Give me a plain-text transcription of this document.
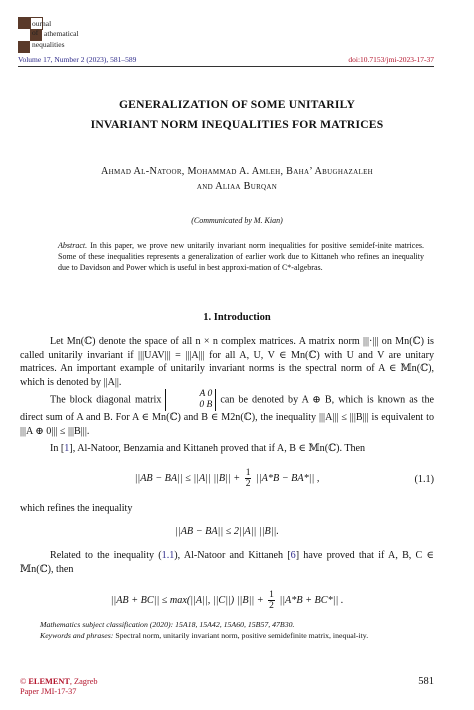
ournal of athematical
nequalities
Volume 17, Number 2 (2023), 581–589	doi:10.7153/jmi-2023-17-37
GENERALIZATION OF SOME UNITARILY
INVARIANT NORM INEQUALITIES FOR MATRICES
Ahmad Al-Natoor, Mohammad A. Amleh, Baha’ Abughazaleh
and Aliaa Burqan
(Communicated by M. Kian)
Abstract. In this paper, we prove new unitarily invariant norm inequalities for positive semidef-inite matrices. Some of these inequalities represents a generalization of earlier work due to Kittaneh who refines an inequality due to Davidson and Power which is useful in best approxi-mation of C*-algebras.
1. Introduction
Let Mn(ℂ) denote the space of all n × n complex matrices. A matrix norm |||·||| on Mn(ℂ) is called unitarily invariant if |||UAV||| = |||A||| for all A, U, V ∈ Mn(ℂ) with U and V are unitary matrices. An important example of unitarily invariant norms is the spectral norm of A ∈ 𝕄n(ℂ), which is denoted by ||A||.
The block diagonal matrix
A 0
0 B can be denoted by A ⊕ B, which is known as the direct sum of A and B. For A ∈ Mn(ℂ) and B ∈ M2n(ℂ), the inequality |||A||| ≤ |||B||| is equivalent to |||A ⊕ 0||| ≤ |||B|||.
In [1], Al-Natoor, Benzamia and Kittaneh proved that if A, B ∈ 𝕄n(ℂ). Then
||AB − BA|| ≤ ||A|| $||B|| + \frac{1}{2} ||A*B - BA*||$ ,	(1.1)
which refines the inequality
||AB − BA|| ≤ 2||A|| ||B||.
Related to the inequality (1.1), Al-Natoor and Kittaneh [6] have proved that if A, B, C ∈ 𝕄n(ℂ), then
||AB + BC|| ≤ max(||A||, ||C||) $||B|| + \frac{1}{2} ||A*B + BC*||$ .
Mathematics subject classification (2020): 15A18, 15A42, 15A60, 15B57, 47B30.
Keywords and phrases: Spectral norm, unitarily invariant norm, positive semidefinite matrix, inequal-ity.
© ELEMENT, Zagreb
Paper JMI-17-37
581
